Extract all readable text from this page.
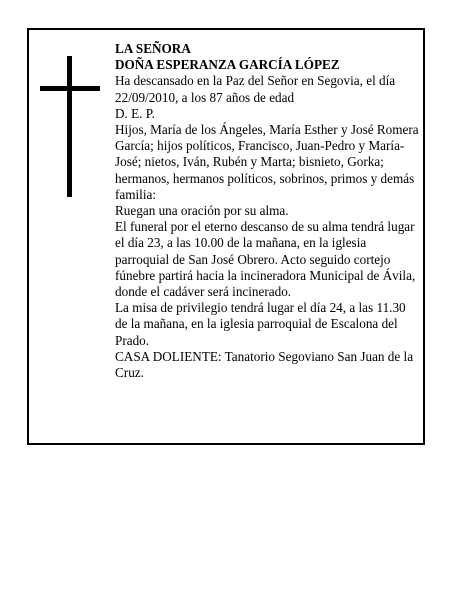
LA SEÑORA

DOÑA ESPERANZA GARCÍA LÓPEZ

Ha descansado en la Paz del Señor en Segovia, el día 22/09/2010, a los 87 años de edad

D. E. P.

Hijos, María de los Ángeles, María Esther y José Romera García; hijos políticos, Francisco, Juan-Pedro y María-José; nietos, Iván, Rubén y Marta; bisnieto, Gorka; hermanos, hermanos políticos, sobrinos, primos y demás familia:

Ruegan una oración por su alma.

El funeral por el eterno descanso de su alma tendrá lugar el día 23, a las 10.00 de la mañana, en la iglesia parroquial de San José Obrero. Acto seguido cortejo fúnebre partirá hacia la incineradora Municipal de Ávila, donde el cadáver será incinerado.

La misa de privilegio tendrá lugar el día 24, a las 11.30 de la mañana, en la iglesia parroquial de Escalona del Prado.

CASA DOLIENTE: Tanatorio Segoviano San Juan de la Cruz.
